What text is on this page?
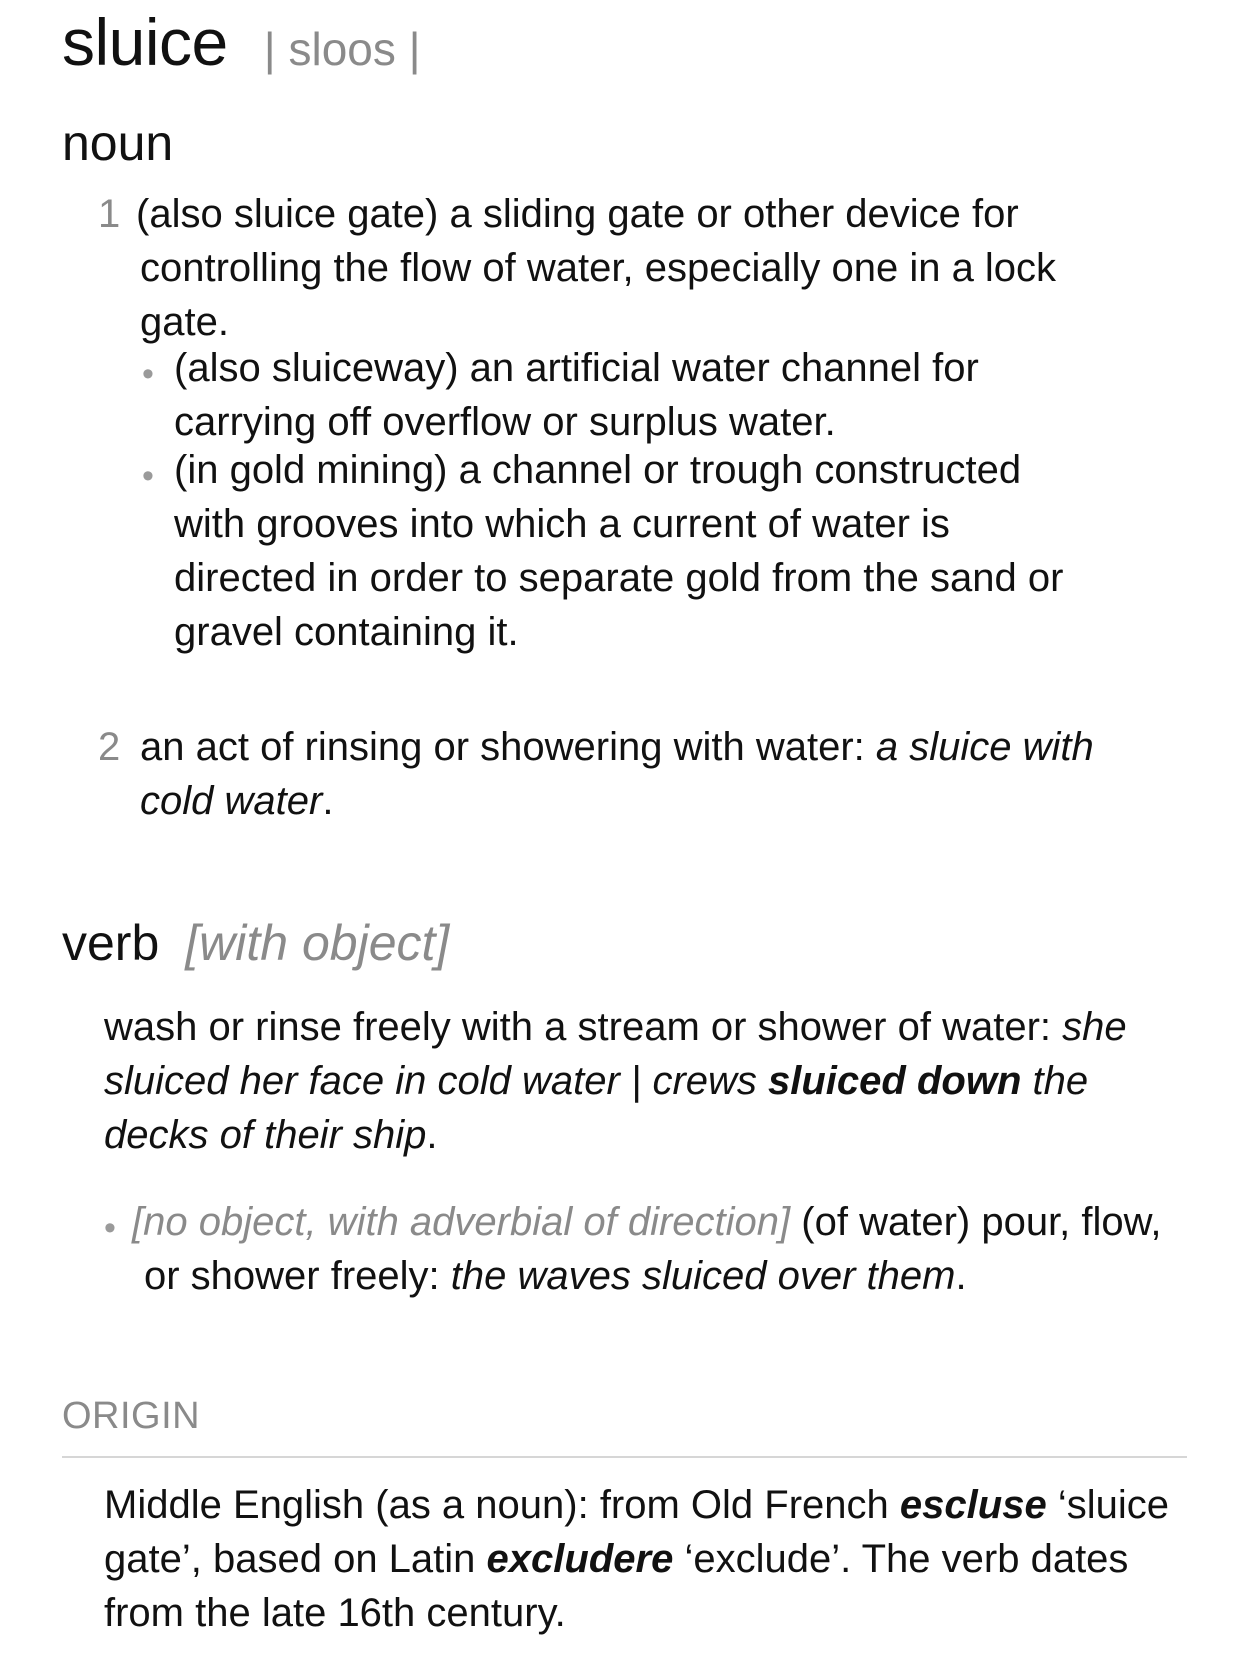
sluice | sloos |
noun
1 (also sluice gate) a sliding gate or other device for
controlling the flow of water, especially one in a lock gate.
• (also sluiceway) an artificial water channel for carrying off overflow or surplus water.
• (in gold mining) a channel or trough constructed with grooves into which a current of water is directed in order to separate gold from the sand or gravel containing it.
2 an act of rinsing or showering with water: a sluice with cold water.
verb [with object]
wash or rinse freely with a stream or shower of water: she sluiced her face in cold water | crews sluiced down the decks of their ship.
• [no object, with adverbial of direction] (of water) pour, flow, or shower freely: the waves sluiced over them.
ORIGIN
Middle English (as a noun): from Old French escluse ‘sluice gate’, based on Latin excludere ‘exclude’. The verb dates from the late 16th century.
